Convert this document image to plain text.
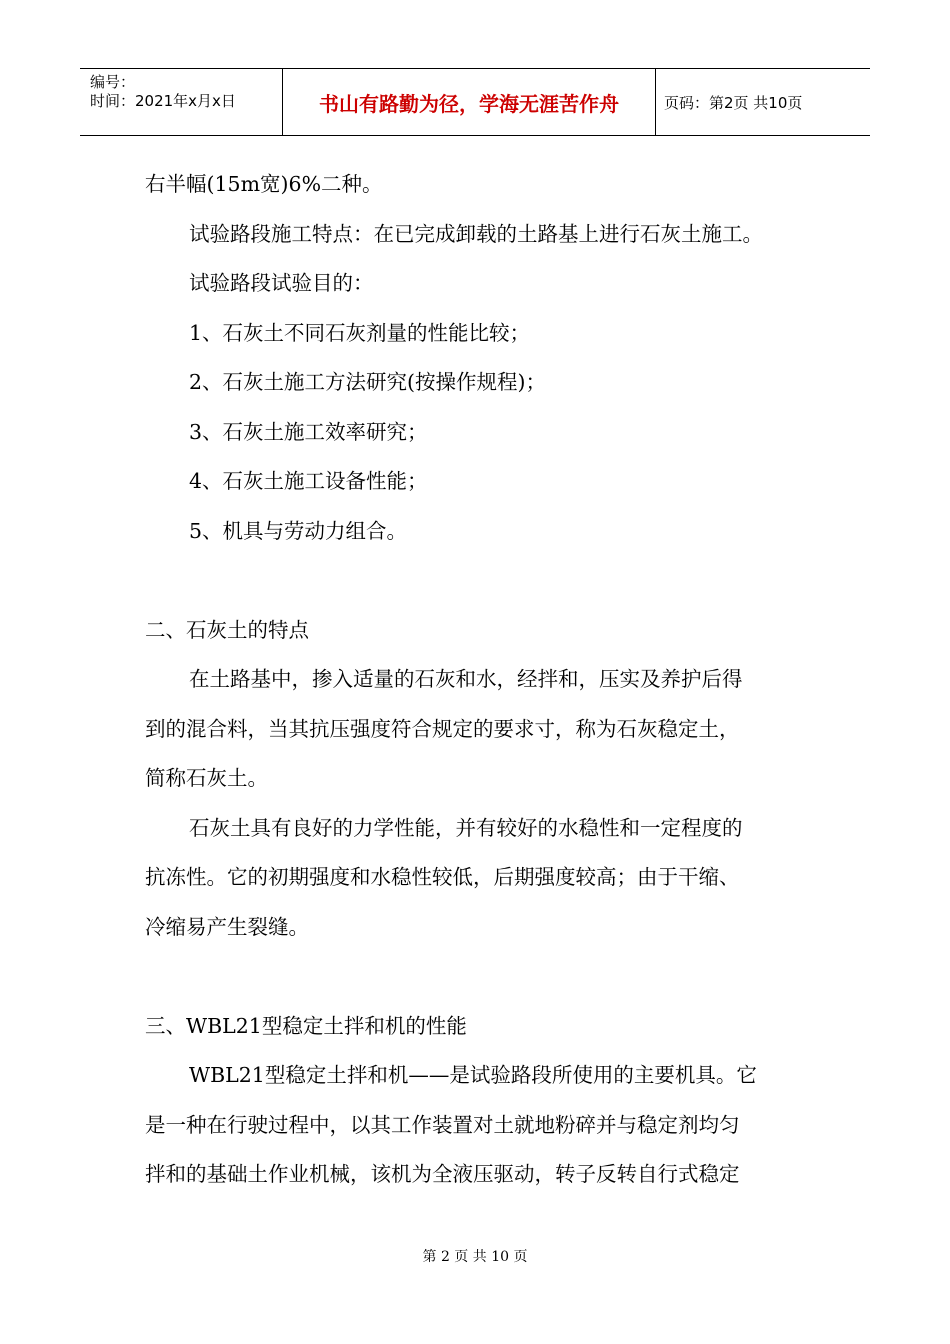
编号：
时间：2021年x月x日	书山有路勤为径，学海无涯苦作舟	页码：第2页 共10页

右半幅(15m宽)6%二种。

试验路段施工特点：在已完成卸载的土路基上进行石灰土施工。

试验路段试验目的：

1、石灰土不同石灰剂量的性能比较；

2、石灰土施工方法研究(按操作规程)；

3、石灰土施工效率研究；

4、石灰土施工设备性能；

5、机具与劳动力组合。

二、石灰土的特点

在土路基中，掺入适量的石灰和水，经拌和，压实及养护后得

到的混合料，当其抗压强度符合规定的要求寸，称为石灰稳定土，

简称石灰土。

石灰土具有良好的力学性能，并有较好的水稳性和一定程度的

抗冻性。它的初期强度和水稳性较低，后期强度较高；由于干缩、

冷缩易产生裂缝。

三、WBL21型稳定土拌和机的性能

WBL21型稳定土拌和机——是试验路段所使用的主要机具。它

是一种在行驶过程中，以其工作装置对土就地粉碎并与稳定剂均匀

拌和的基础土作业机械，该机为全液压驱动，转子反转自行式稳定

第 2 页 共 10 页
